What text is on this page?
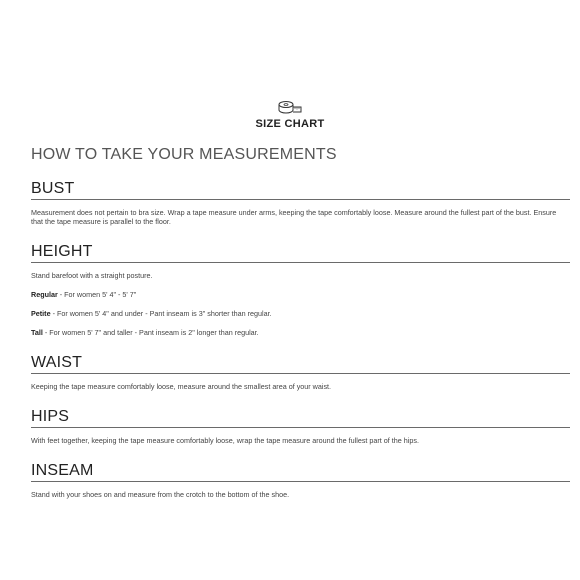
SIZE CHART
HOW TO TAKE YOUR MEASUREMENTS
BUST

Measurement does not pertain to bra size. Wrap a tape measure under arms, keeping the tape comfortably loose. Measure around the fullest part of the bust. Ensure that the tape measure is parallel to the floor.

HEIGHT

Stand barefoot with a straight posture.

Regular - For women 5' 4" - 5' 7"

Petite - For women 5' 4" and under - Pant inseam is 3" shorter than regular.

Tall - For women 5' 7" and taller - Pant inseam is 2" longer than regular.

WAIST

Keeping the tape measure comfortably loose, measure around the smallest area of your waist.

HIPS

With feet together, keeping the tape measure comfortably loose, wrap the tape measure around the fullest part of the hips.

INSEAM

Stand with your shoes on and measure from the crotch to the bottom of the shoe.
